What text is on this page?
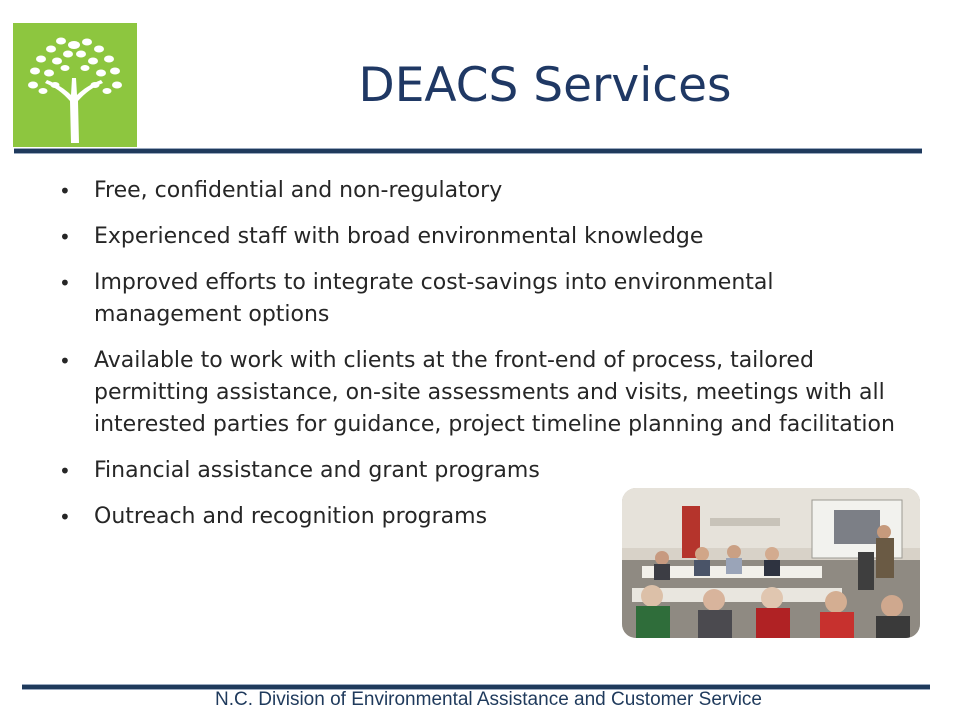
DEACS Services
• Free, confidential and non-regulatory
• Experienced staff with broad environmental knowledge
• Improved efforts to integrate cost-savings into environmental management options
• Available to work with clients at the front-end of process, tailored permitting assistance, on-site assessments and visits, meetings with all interested parties for guidance, project timeline planning and facilitation
• Financial assistance and grant programs
• Outreach and recognition programs
N.C. Division of Environmental Assistance and Customer Service
